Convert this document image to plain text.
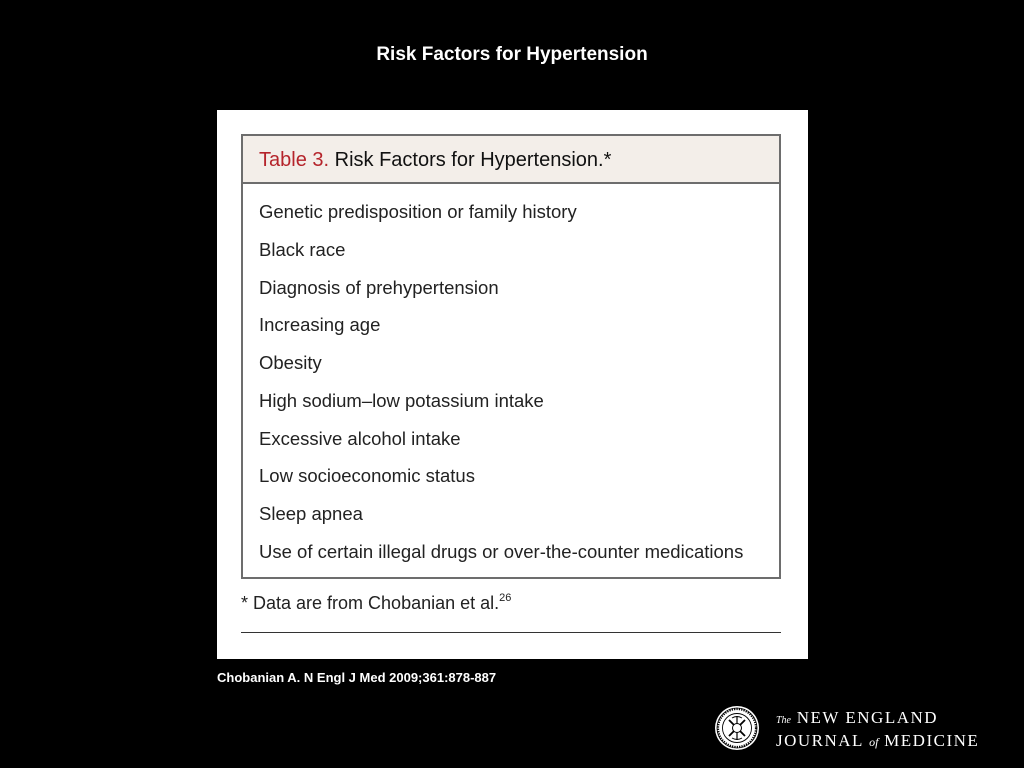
Risk Factors for Hypertension
Table 3. Risk Factors for Hypertension.*
Genetic predisposition or family history
Black race
Diagnosis of prehypertension
Increasing age
Obesity
High sodium–low potassium intake
Excessive alcohol intake
Low socioeconomic status
Sleep apnea
Use of certain illegal drugs or over-the-counter medications
* Data are from Chobanian et al.$^{26}$
Chobanian A. N Engl J Med 2009;361:878-887
The NEW ENGLAND
JOURNAL of MEDICINE
